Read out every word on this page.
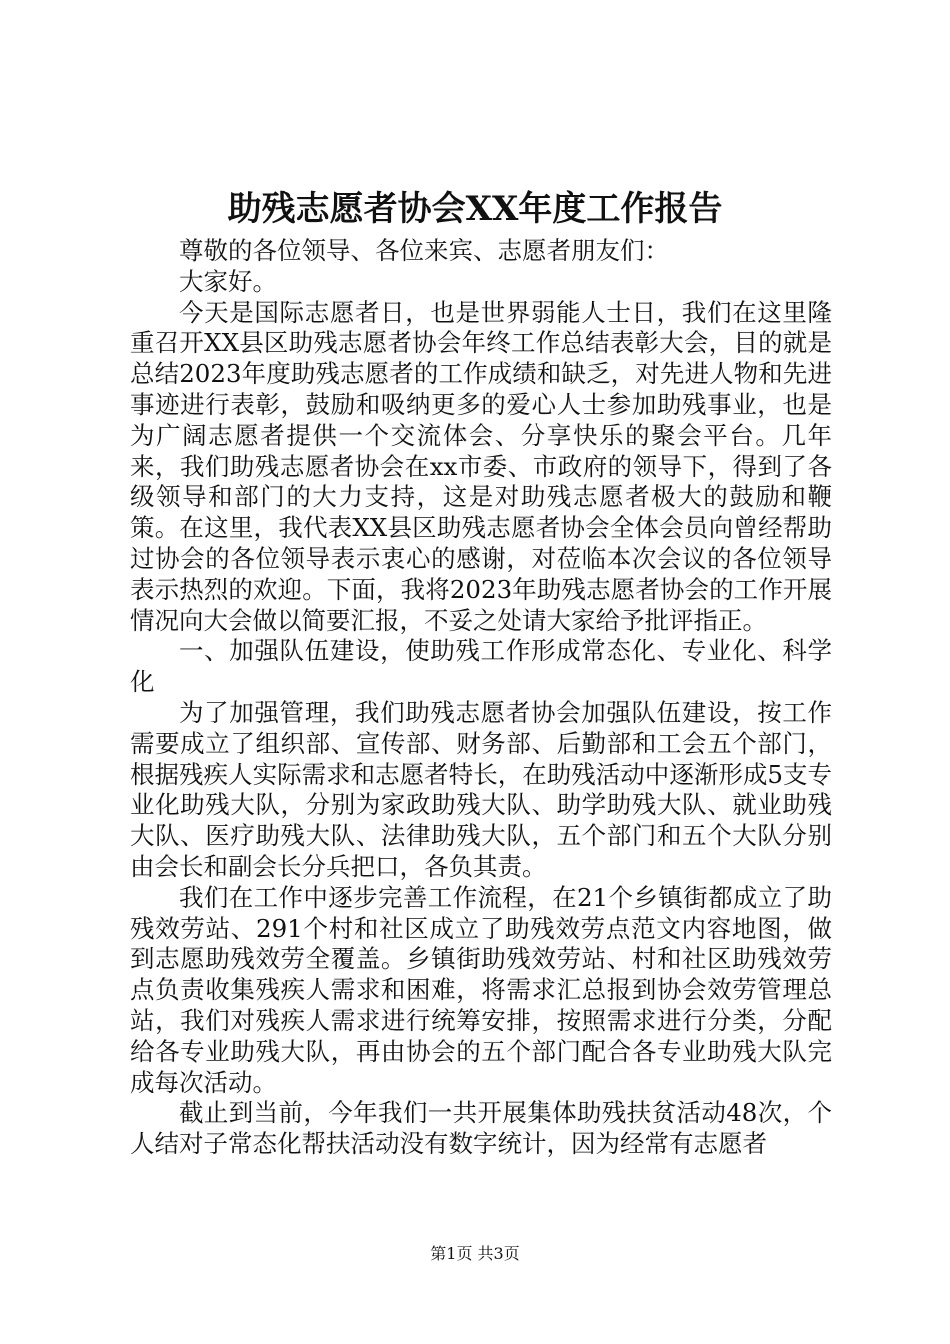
助残志愿者协会XX年度工作报告

尊敬的各位领导、各位来宾、志愿者朋友们：

大家好。

今天是国际志愿者日，也是世界弱能人士日，我们在这里隆重召开XX县区助残志愿者协会年终工作总结表彰大会，目的就是总结2023年度助残志愿者的工作成绩和缺乏，对先进人物和先进事迹进行表彰，鼓励和吸纳更多的爱心人士参加助残事业，也是为广阔志愿者提供一个交流体会、分享快乐的聚会平台。几年来，我们助残志愿者协会在xx市委、市政府的领导下，得到了各级领导和部门的大力支持，这是对助残志愿者极大的鼓励和鞭策。在这里，我代表XX县区助残志愿者协会全体会员向曾经帮助过协会的各位领导表示衷心的感谢，对莅临本次会议的各位领导表示热烈的欢迎。下面，我将2023年助残志愿者协会的工作开展情况向大会做以简要汇报，不妥之处请大家给予批评指正。

一、加强队伍建设，使助残工作形成常态化、专业化、科学化

为了加强管理，我们助残志愿者协会加强队伍建设，按工作需要成立了组织部、宣传部、财务部、后勤部和工会五个部门，根据残疾人实际需求和志愿者特长，在助残活动中逐渐形成5支专业化助残大队，分别为家政助残大队、助学助残大队、就业助残大队、医疗助残大队、法律助残大队，五个部门和五个大队分别由会长和副会长分兵把口，各负其责。

我们在工作中逐步完善工作流程，在21个乡镇街都成立了助残效劳站、291个村和社区成立了助残效劳点范文内容地图，做到志愿助残效劳全覆盖。乡镇街助残效劳站、村和社区助残效劳点负责收集残疾人需求和困难，将需求汇总报到协会效劳管理总站，我们对残疾人需求进行统筹安排，按照需求进行分类，分配给各专业助残大队，再由协会的五个部门配合各专业助残大队完成每次活动。

截止到当前，今年我们一共开展集体助残扶贫活动48次，个人结对子常态化帮扶活动没有数字统计，因为经常有志愿者

第1页 共3页
